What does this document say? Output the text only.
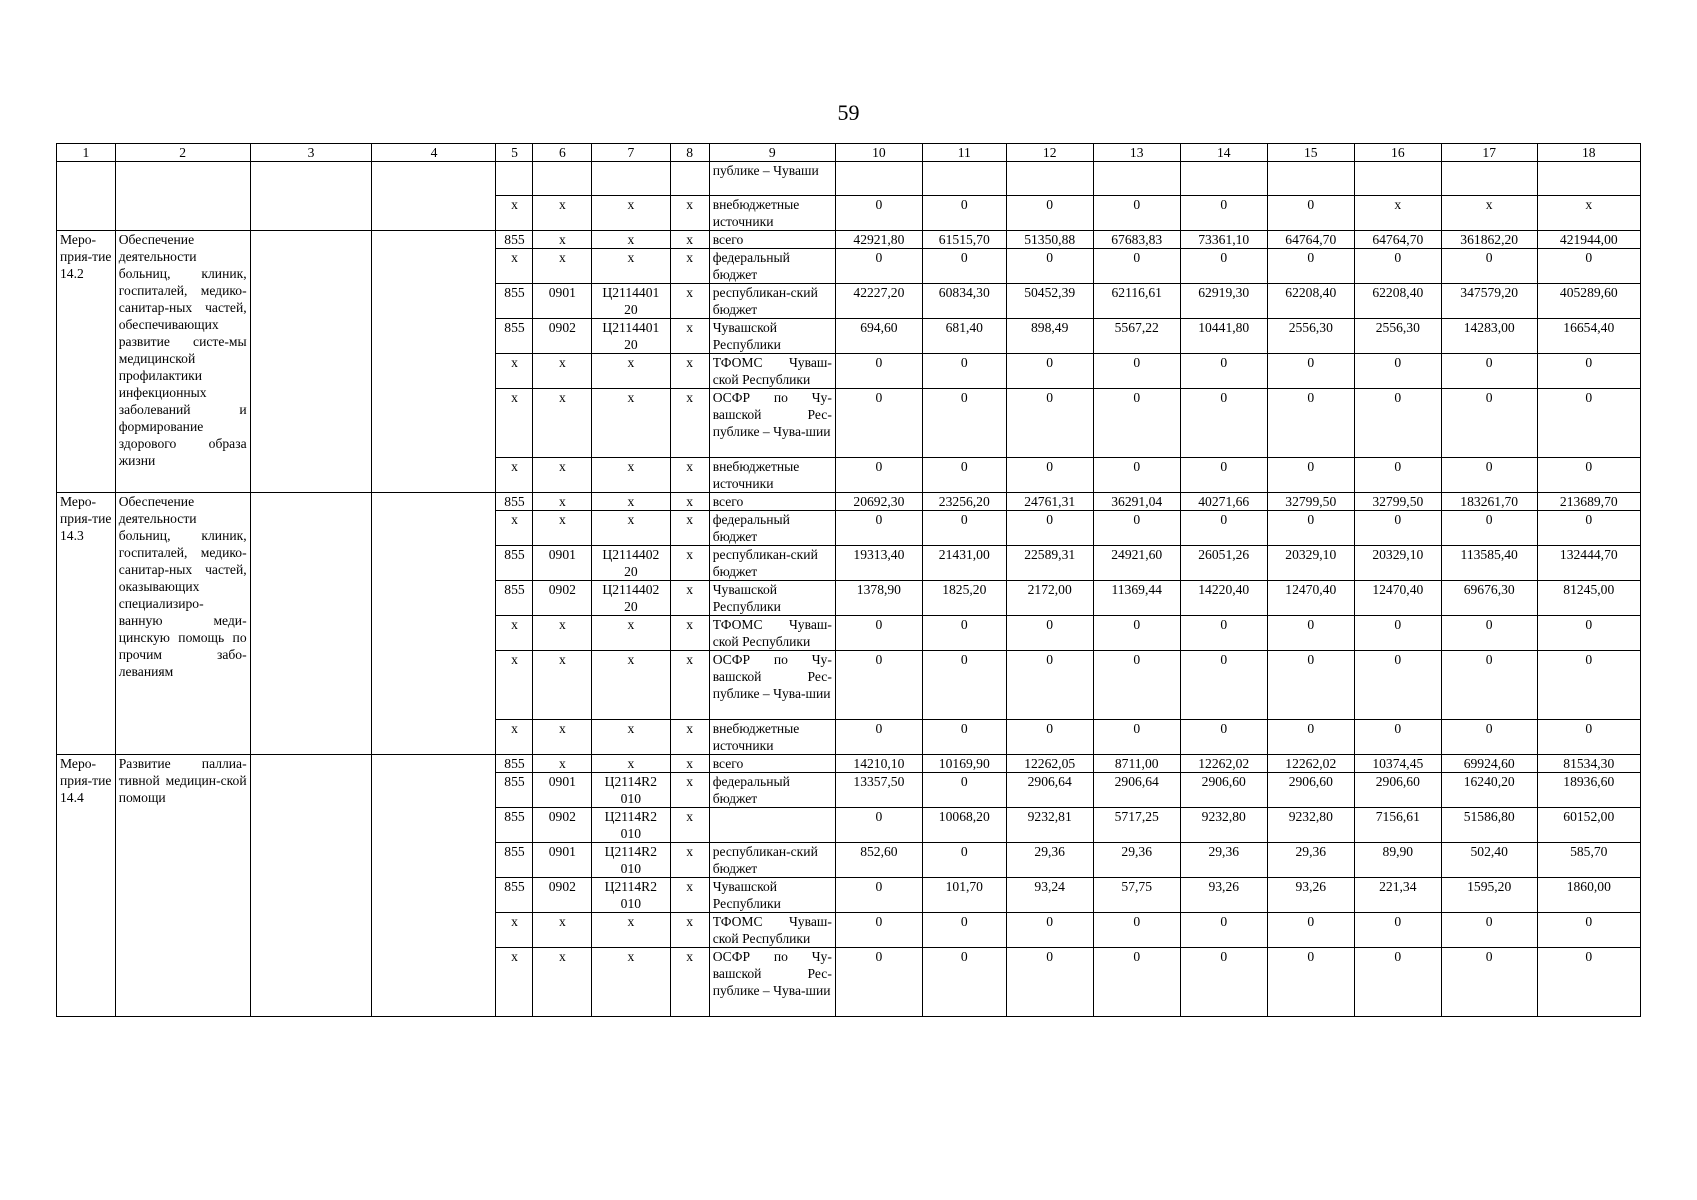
59
1	2	3	4	5	6	7	8	9	10	11	12	13	14	15	16	17	18
								публике – Чуваши									
				х	х	х	х	внебюджетные источники	0	0	0	0	0	0	х	х	х
Меро-прия-тие 14.2	Обеспечение деятельности больниц, клиник, госпиталей, медико-санитар-ных частей, обеспечивающих развитие систе-мы медицинской профилактики инфекционных заболеваний и формирование здорового образа жизни			855	х	х	х	всего	42921,80	61515,70	51350,88	67683,83	73361,10	64764,70	64764,70	361862,20	421944,00
				х	х	х	х	федеральный бюджет	0	0	0	0	0	0	0	0	0
				855	0901	Ц2114401 20	х	республикан-ский бюджет	42227,20	60834,30	50452,39	62116,61	62919,30	62208,40	62208,40	347579,20	405289,60
				855	0902	Ц2114401 20	х	Чувашской Республики	694,60	681,40	898,49	5567,22	10441,80	2556,30	2556,30	14283,00	16654,40
				х	х	х	х	ТФОМС Чуваш-ской Республики	0	0	0	0	0	0	0	0	0
				х	х	х	х	ОСФР по Чу-вашской Рес-публике – Чува-шии	0	0	0	0	0	0	0	0	0
				х	х	х	х	внебюджетные источники	0	0	0	0	0	0	0	0	0
Меро-прия-тие 14.3	Обеспечение деятельности больниц, клиник, госпиталей, медико-санитар-ных частей, оказывающих специализиро-ванную меди-цинскую помощь по прочим забо-леваниям			855	х	х	х	всего	20692,30	23256,20	24761,31	36291,04	40271,66	32799,50	32799,50	183261,70	213689,70
				х	х	х	х	федеральный бюджет	0	0	0	0	0	0	0	0	0
				855	0901	Ц2114402 20	х	республикан-ский бюджет	19313,40	21431,00	22589,31	24921,60	26051,26	20329,10	20329,10	113585,40	132444,70
				855	0902	Ц2114402 20	х	Чувашской Республики	1378,90	1825,20	2172,00	11369,44	14220,40	12470,40	12470,40	69676,30	81245,00
				х	х	х	х	ТФОМС Чуваш-ской Республики	0	0	0	0	0	0	0	0	0
				х	х	х	х	ОСФР по Чу-вашской Рес-публике – Чува-шии	0	0	0	0	0	0	0	0	0
				х	х	х	х	внебюджетные источники	0	0	0	0	0	0	0	0	0
Меро-прия-тие 14.4	Развитие паллиа-тивной медицин-ской помощи			855	х	х	х	всего	14210,10	10169,90	12262,05	8711,00	12262,02	12262,02	10374,45	69924,60	81534,30
				855	0901	Ц2114R2 010	х	федеральный бюджет	13357,50	0	2906,64	2906,64	2906,60	2906,60	2906,60	16240,20	18936,60
				855	0902	Ц2114R2 010	х		0	10068,20	9232,81	5717,25	9232,80	9232,80	7156,61	51586,80	60152,00
				855	0901	Ц2114R2 010	х	республикан-ский бюджет	852,60	0	29,36	29,36	29,36	29,36	89,90	502,40	585,70
				855	0902	Ц2114R2 010	х	Чувашской Республики	0	101,70	93,24	57,75	93,26	93,26	221,34	1595,20	1860,00
				х	х	х	х	ТФОМС Чуваш-ской Республики	0	0	0	0	0	0	0	0	0
				х	х	х	х	ОСФР по Чу-вашской Рес-публике – Чува-шии	0	0	0	0	0	0	0	0	0
